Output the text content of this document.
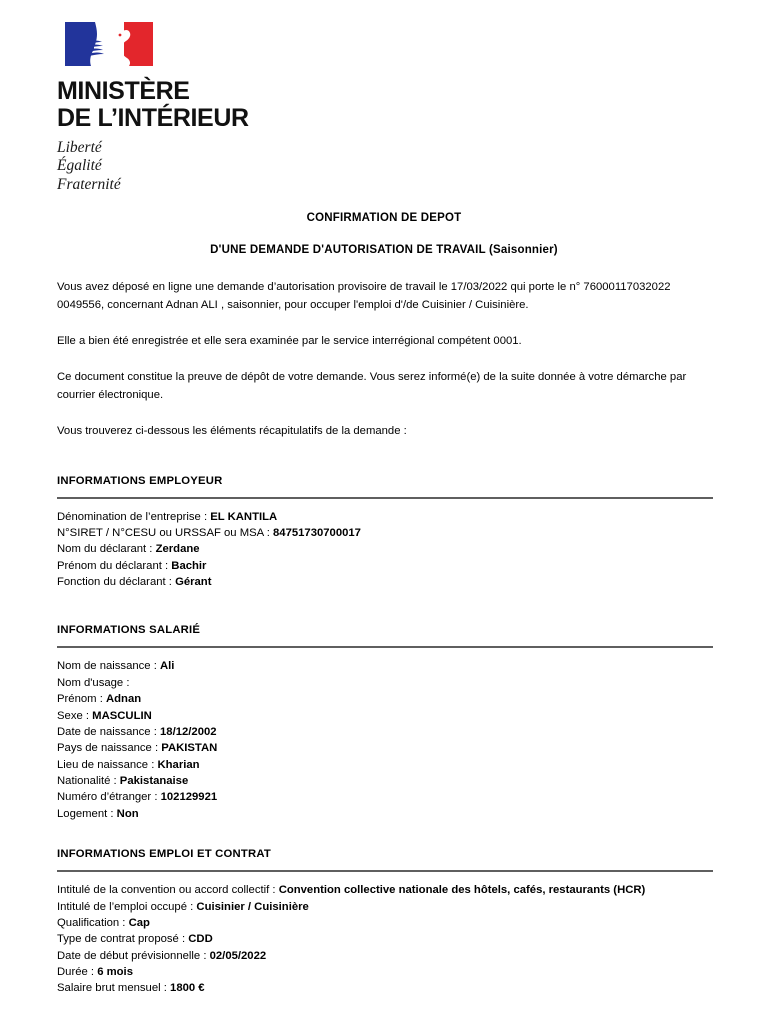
MINISTÈRE
DE L’INTÉRIEUR
Liberté
Égalité
Fraternité
CONFIRMATION DE DEPOT
D'UNE DEMANDE D'AUTORISATION DE TRAVAIL (Saisonnier)

Vous avez déposé en ligne une demande d’autorisation provisoire de travail le 17/03/2022 qui porte le n° 76000117032022 0049556, concernant Adnan ALI , saisonnier, pour occuper l'emploi d'/de Cuisinier / Cuisinière.

Elle a bien été enregistrée et elle sera examinée par le service interrégional compétent 0001.

Ce document constitue la preuve de dépôt de votre demande. Vous serez informé(e) de la suite donnée à votre démarche par courrier électronique.

Vous trouverez ci-dessous les éléments récapitulatifs de la demande :

INFORMATIONS EMPLOYEUR
Dénomination de l’entreprise : EL KANTILA
N°SIRET / N°CESU ou URSSAF ou MSA : 84751730700017
Nom du déclarant : Zerdane
Prénom du déclarant : Bachir
Fonction du déclarant : Gérant
INFORMATIONS SALARIÉ
Nom de naissance : Ali
Nom d'usage :
Prénom : Adnan
Sexe : MASCULIN
Date de naissance : 18/12/2002
Pays de naissance : PAKISTAN
Lieu de naissance : Kharian
Nationalité : Pakistanaise
Numéro d’étranger : 102129921
Logement : Non
INFORMATIONS EMPLOI ET CONTRAT
Intitulé de la convention ou accord collectif : Convention collective nationale des hôtels, cafés, restaurants (HCR)
Intitulé de l’emploi occupé : Cuisinier / Cuisinière
Qualification : Cap
Type de contrat proposé : CDD
Date de début prévisionnelle : 02/05/2022
Durée : 6 mois
Salaire brut mensuel : 1800 €
